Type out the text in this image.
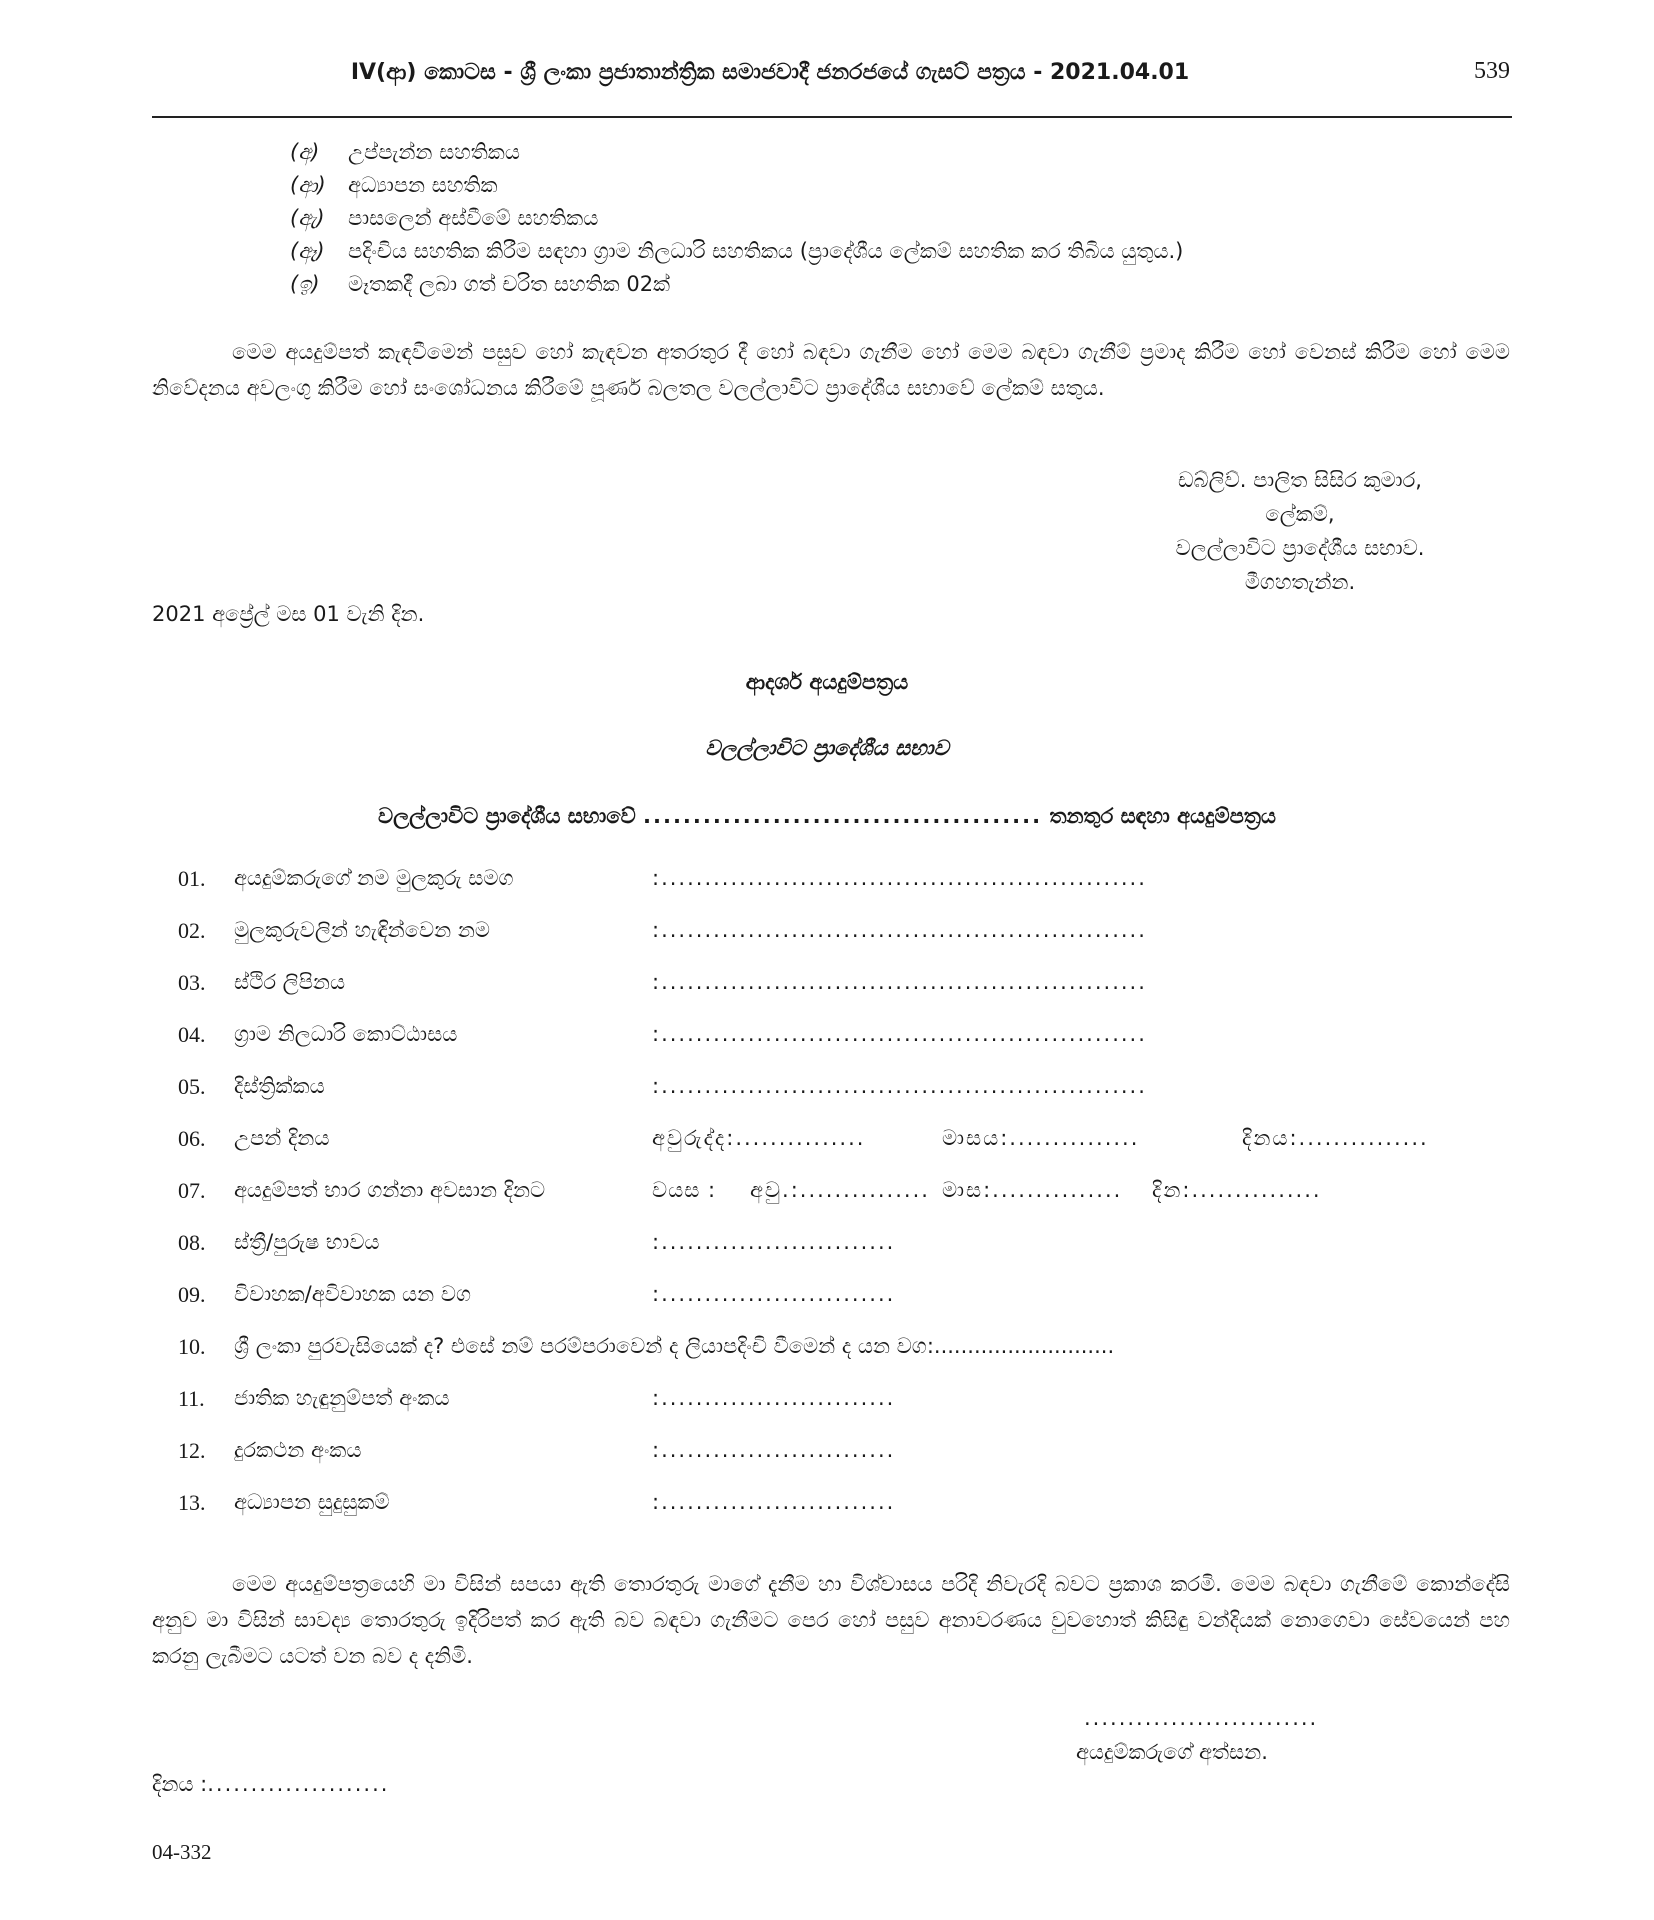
IV(ආ) කොටස - ශ්‍රී ලංකා ප්‍රජාතාන්ත්‍රික සමාජවාදී ජනරජයේ ගැසට් පත්‍රය - 2021.04.01	539
(අ) උප්පැන්න සහතිකය
(ආ) අධ්‍යාපන සහතික
(ඇ) පාසලෙන් අස්වීමේ සහතිකය
(ඈ) පදිංචිය සහතික කිරීම සඳහා ග්‍රාම නිලධාරි සහතිකය (ප්‍රාදේශීය ලේකම් සහතික කර තිබිය යුතුය.)
(ඉ) මෑතකදී ලබා ගත් චරිත සහතික 02ක්
මෙම අයදුම්පත් කැඳවීමෙන් පසුව හෝ කැඳවන අතරතුර දී හෝ බඳවා ගැනීම හෝ මෙම බඳවා ගැනීම් ප්‍රමාද කිරීම හෝ වෙනස් කිරීම හෝ මෙම නිවේදනය අවලංගු කිරීම හෝ සංශෝධනය කිරීමේ පූර්ණ බලතල වලල්ලාවිට ප්‍රාදේශීය සභාවේ ලේකම් සතුය.
ඩබ්ලිව්. පාලිත සිසිර කුමාර,
ලේකම්,
වලල්ලාවිට ප්‍රාදේශීය සභාව.
මීගහතැන්න.
2021 අප්‍රේල් මස 01 වැනි දින.
ආදර්ශ අයදුම්පත්‍රය
වලල්ලාවිට ප්‍රාදේශීය සභාව
වලල්ලාවිට ප්‍රාදේශීය සභාවේ ........................................ තනතුර සඳහා අයදුම්පත්‍රය
01. අයදුම්කරුගේ නම මුලකුරු සමග	:........................................................
02. මුලකුරුවලින් හැඳින්වෙන නම	:........................................................
03. ස්ථිර ලිපිනය	:........................................................
04. ග්‍රාම නිලධාරි කොට්ඨාසය	:........................................................
05. දිස්ත්‍රික්කය	:........................................................
06. උපන් දිනය	අවුරුද්ද:...............	මාසය:...............	දිනය:...............
07. අයදුම්පත් භාර ගන්නා අවසාන දිනට	වයස : අවු.:............... මාස:............... දින:...............
08. ස්ත්‍රී/පුරුෂ භාවය	:...........................
09. විවාහක/අවිවාහක යන වග	:...........................
10. ශ්‍රී ලංකා පුරවැසියෙක් ද? එසේ නම් පරම්පරාවෙන් ද ලියාපදිංචි වීමෙන් ද යන වග:...........................
11. ජාතික හැඳුනුම්පත් අංකය	:...........................
12. දුරකථන අංකය	:...........................
13. අධ්‍යාපන සුදුසුකම්	:...........................
මෙම අයදුම්පත්‍රයෙහි මා විසින් සපයා ඇති තොරතුරු මාගේ දැනීම හා විශ්වාසය පරිදි නිවැරදි බවට ප්‍රකාශ කරමි. මෙම බඳවා ගැනීමේ කොන්දේසි අනුව මා විසින් සාවද්‍ය තොරතුරු ඉදිරිපත් කර ඇති බව බඳවා ගැනීමට පෙර හෝ පසුව අනාවරණය වුවහොත් කිසිඳු වන්දියක් නොගෙවා සේවයෙන් පහ කරනු ලැබීමට යටත් වන බව ද දනිමි.
...........................
අයදුම්කරුගේ අත්සන.
දිනය :.....................
04-332
